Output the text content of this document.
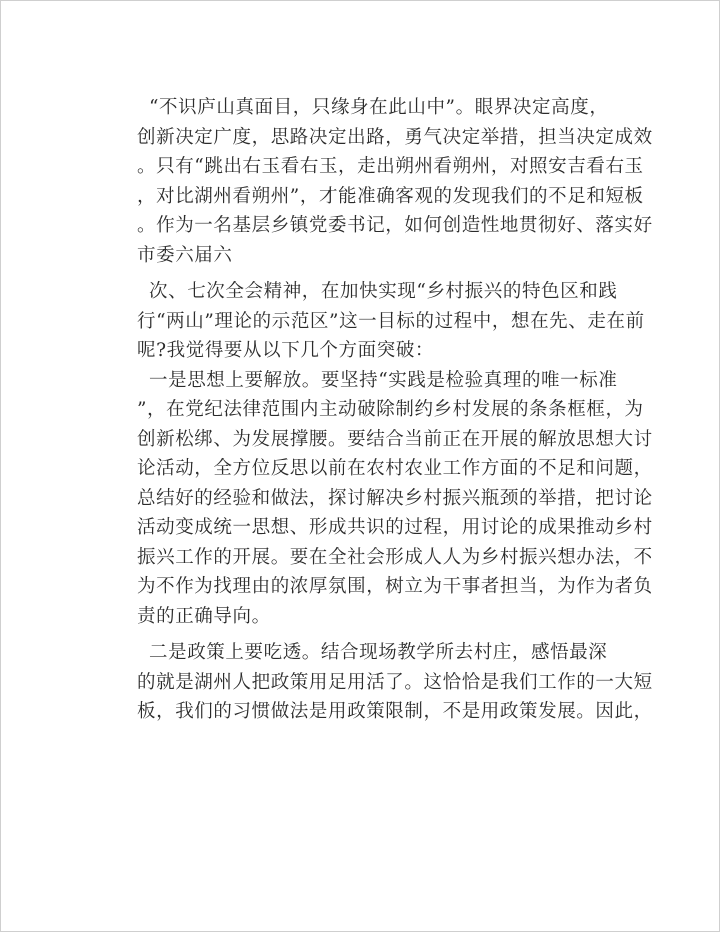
“不识庐山真面目，只缘身在此山中”。眼界决定高度，
创新决定广度，思路决定出路，勇气决定举措，担当决定成效
。只有“跳出右玉看右玉，走出朔州看朔州，对照安吉看右玉
，对比湖州看朔州”，才能准确客观的发现我们的不足和短板
。作为一名基层乡镇党委书记，如何创造性地贯彻好、落实好
市委六届六
次、七次全会精神，在加快实现“乡村振兴的特色区和践
行“两山”理论的示范区”这一目标的过程中，想在先、走在前
呢?我觉得要从以下几个方面突破：
一是思想上要解放。要坚持“实践是检验真理的唯一标准
”，在党纪法律范围内主动破除制约乡村发展的条条框框，为
创新松绑、为发展撑腰。要结合当前正在开展的解放思想大讨
论活动，全方位反思以前在农村农业工作方面的不足和问题，
总结好的经验和做法，探讨解决乡村振兴瓶颈的举措，把讨论
活动变成统一思想、形成共识的过程，用讨论的成果推动乡村
振兴工作的开展。要在全社会形成人人为乡村振兴想办法，不
为不作为找理由的浓厚氛围，树立为干事者担当，为作为者负
责的正确导向。
二是政策上要吃透。结合现场教学所去村庄，感悟最深
的就是湖州人把政策用足用活了。这恰恰是我们工作的一大短
板，我们的习惯做法是用政策限制，不是用政策发展。因此，
